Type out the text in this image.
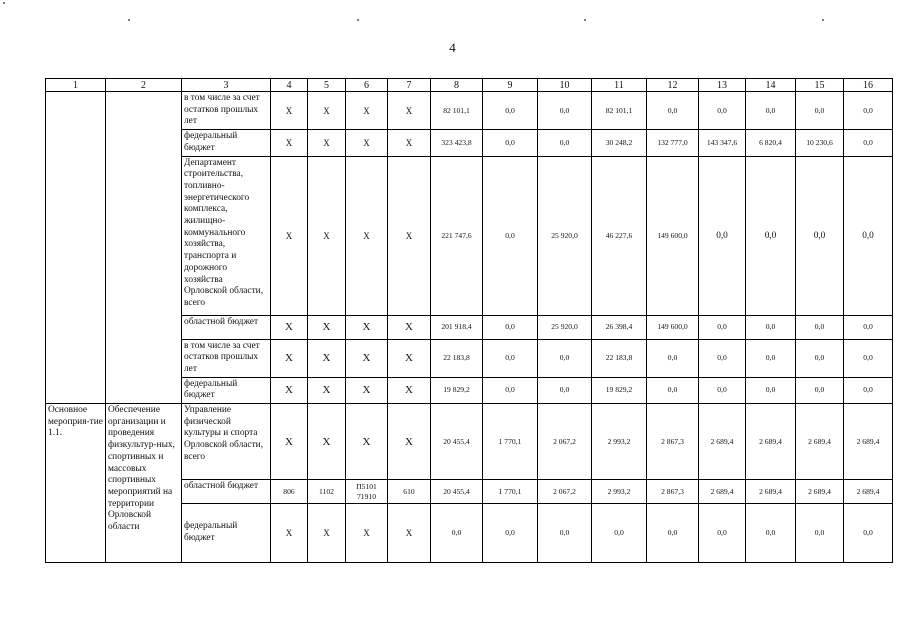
4
1	2	3	4	5	6	7	8	9	10	11	12	13	14	15	16
		в том числе за счет остатков прошлых лет	X	X	X	X	82 101,1	0,0	0,0	82 101,1	0,0	0,0	0,0	0,0	0,0
		федеральный бюджет	X	X	X	X	323 423,8	0,0	0,0	30 248,2	132 777,0	143 347,6	6 820,4	10 230,6	0,0
		Департамент строительства, топливно-энергетического комплекса, жилищно-коммунального хозяйства, транспорта и дорожного хозяйства Орловской области, всего	X	X	X	X	221 747,6	0,0	25 920,0	46 227,6	149 600,0	0,0	0,0	0,0	0,0
		областной бюджет	X	X	X	X	201 918,4	0,0	25 920,0	26 398,4	149 600,0	0,0	0,0	0,0	0,0
		в том числе за счет остатков прошлых лет	X	X	X	X	22 183,8	0,0	0,0	22 183,8	0,0	0,0	0,0	0,0	0,0
		федеральный бюджет	X	X	X	X	19 829,2	0,0	0,0	19 829,2	0,0	0,0	0,0	0,0	0,0
Основное мероприя-тие 1.1.	Обеспечение организации и проведения физкультур-ных, спортивных и массовых спортивных мероприятий на территории Орловской области	Управление физической культуры и спорта Орловской области, всего	X	X	X	X	20 455,4	1 770,1	2 067,2	2 993,2	2 867,3	2 689,4	2 689,4	2 689,4	2 689,4
		областной бюджет	806	1102	П5101 71910	610	20 455,4	1 770,1	2 067,2	2 993,2	2 867,3	2 689,4	2 689,4	2 689,4	2 689,4
		федеральный бюджет	X	X	X	X	0,0	0,0	0,0	0,0	0,0	0,0	0,0	0,0	0,0
